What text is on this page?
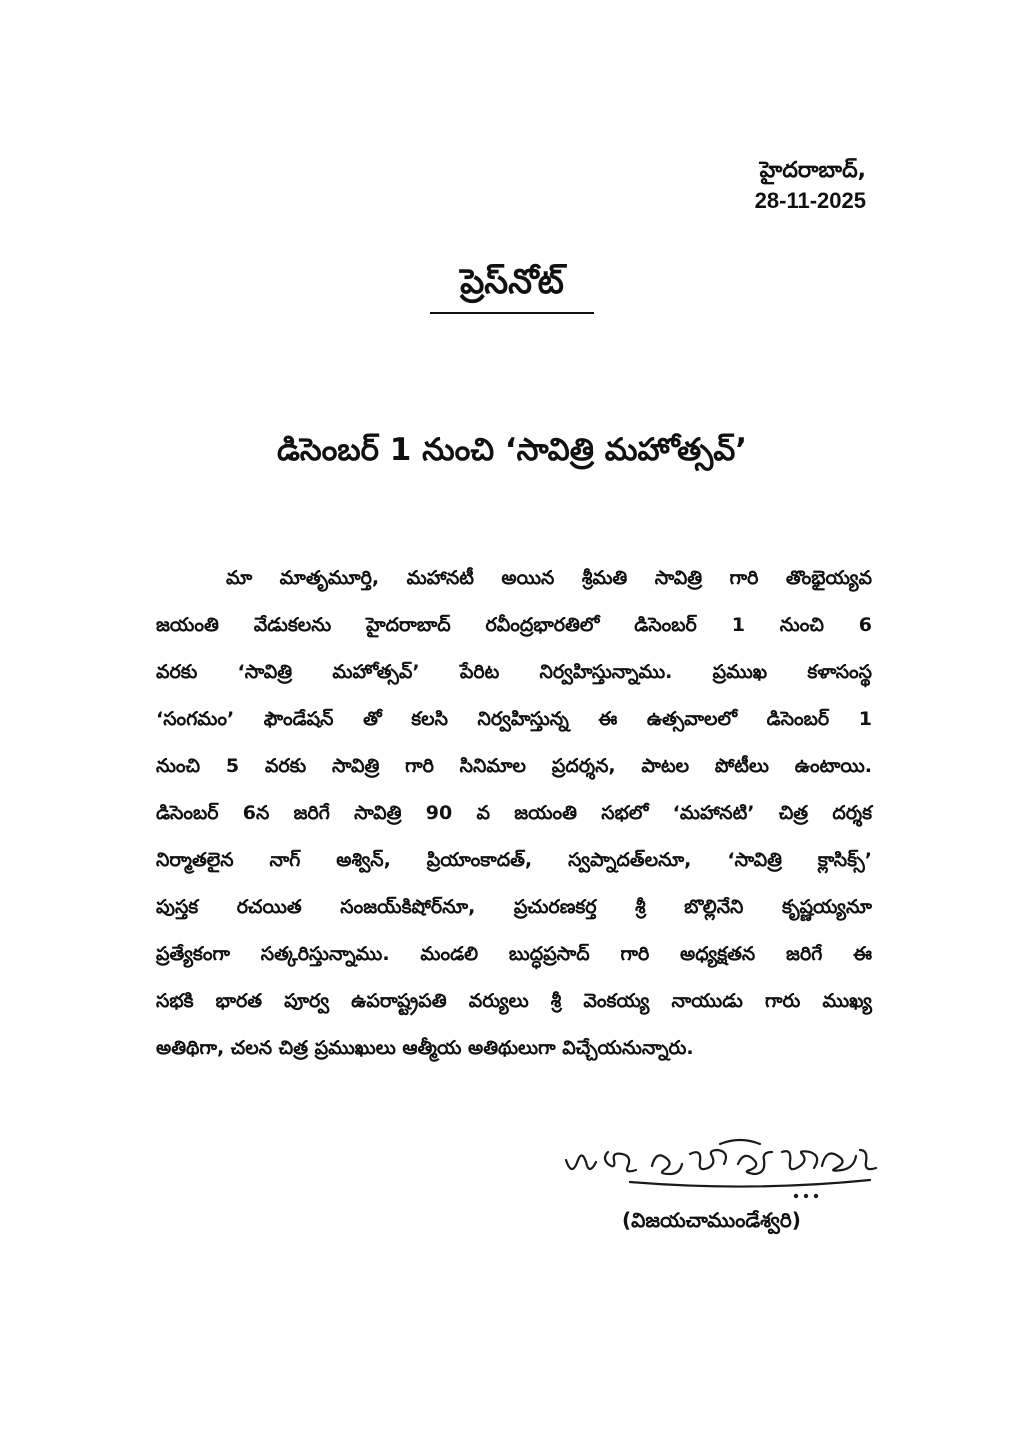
హైదరాబాద్,
28-11-2025
ప్రెస్‌నోట్
డిసెంబర్ 1 నుంచి ‘సావిత్రి మహోత్సవ్’
మా మాతృమూర్తి, మహానటీ అయిన శ్రీమతి సావిత్రి గారి తొంభైయ్యవ
జయంతి వేడుకలను హైదరాబాద్ రవీంద్రభారతిలో డిసెంబర్ 1 నుంచి 6
వరకు ‘సావిత్రి మహోత్సవ్’ పేరిట నిర్వహిస్తున్నాము. ప్రముఖ కళాసంస్థ
‘సంగమం’ ఫౌండేషన్ తో కలసి నిర్వహిస్తున్న ఈ ఉత్సవాలలో డిసెంబర్ 1
నుంచి 5 వరకు సావిత్రి గారి సినిమాల ప్రదర్శన, పాటల పోటీలు ఉంటాయి.
డిసెంబర్ 6న జరిగే సావిత్రి 90 వ జయంతి సభలో ‘మహానటి’ చిత్ర దర్శక
నిర్మాతలైన నాగ్ అశ్విన్, ప్రియాంకాదత్, స్వప్నాదత్‌లనూ, ‘సావిత్రి క్లాసిక్స్’
పుస్తక రచయిత సంజయ్‌కిషోర్‌నూ, ప్రచురణకర్త శ్రీ బొల్లినేని కృష్ణయ్యనూ
ప్రత్యేకంగా సత్కరిస్తున్నాము. మండలి బుద్ధప్రసాద్ గారి అధ్యక్షతన జరిగే ఈ
సభకి భారత పూర్వ ఉపరాష్ట్రపతి వర్యులు శ్రీ వెంకయ్య నాయుడు గారు ముఖ్య
అతిథిగా, చలన చిత్ర ప్రముఖులు ఆత్మీయ అతిథులుగా విచ్చేయనున్నారు.
(విజయచాముండేశ్వరి)
